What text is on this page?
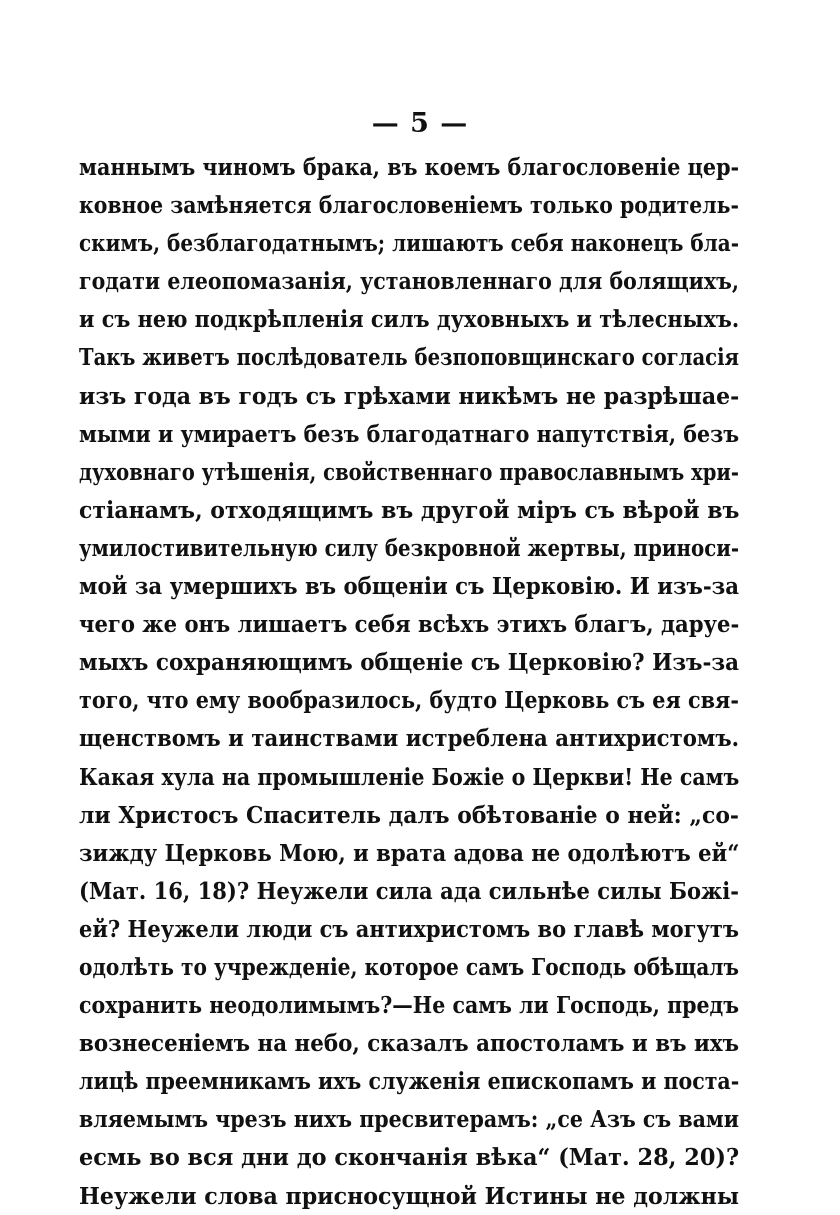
— 5 —
маннымъ чиномъ брака, въ коемъ благословеніе цер-
ковное замѣняется благословеніемъ только родитель-
скимъ, безблагодатнымъ; лишаютъ себя наконецъ бла-
годати елеопомазанія, установленнаго для болящихъ,
и съ нею подкрѣпленія силъ духовныхъ и тѣлесныхъ.
Такъ живетъ послѣдователь безпоповщинскаго согласія
изъ года въ годъ съ грѣхами никѣмъ не разрѣшае-
мыми и умираетъ безъ благодатнаго напутствія, безъ
духовнаго утѣшенія, свойственнаго православнымъ хри-
стіанамъ, отходящимъ въ другой міръ съ вѣрой въ
умилостивительную силу безкровной жертвы, приноси-
мой за умершихъ въ общеніи съ Церковію. И изъ-за
чего же онъ лишаетъ себя всѣхъ этихъ благъ, даруе-
мыхъ сохраняющимъ общеніе съ Церковію? Изъ-за
того, что ему вообразилось, будто Церковь съ ея свя-
щенствомъ и таинствами истреблена антихристомъ.
Какая хула на промышленіе Божіе о Церкви! Не самъ
ли Христосъ Спаситель далъ обѣтованіе о ней: „со-
зижду Церковь Мою, и врата адова не одолѣютъ ей“
(Мат. 16, 18)? Неужели сила ада сильнѣе силы Божі-
ей? Неужели люди съ антихристомъ во главѣ могутъ
одолѣть то учрежденіе, которое самъ Господь обѣщалъ
сохранить неодолимымъ?—Не самъ ли Господь, предъ
вознесеніемъ на небо, сказалъ апостоламъ и въ ихъ
лицѣ преемникамъ ихъ служенія епископамъ и поста-
вляемымъ чрезъ нихъ пресвитерамъ: „се Азъ съ вами
есмь во вся дни до скончанія вѣка“ (Мат. 28, 20)?
Неужели слова присносущной Истины не должны
